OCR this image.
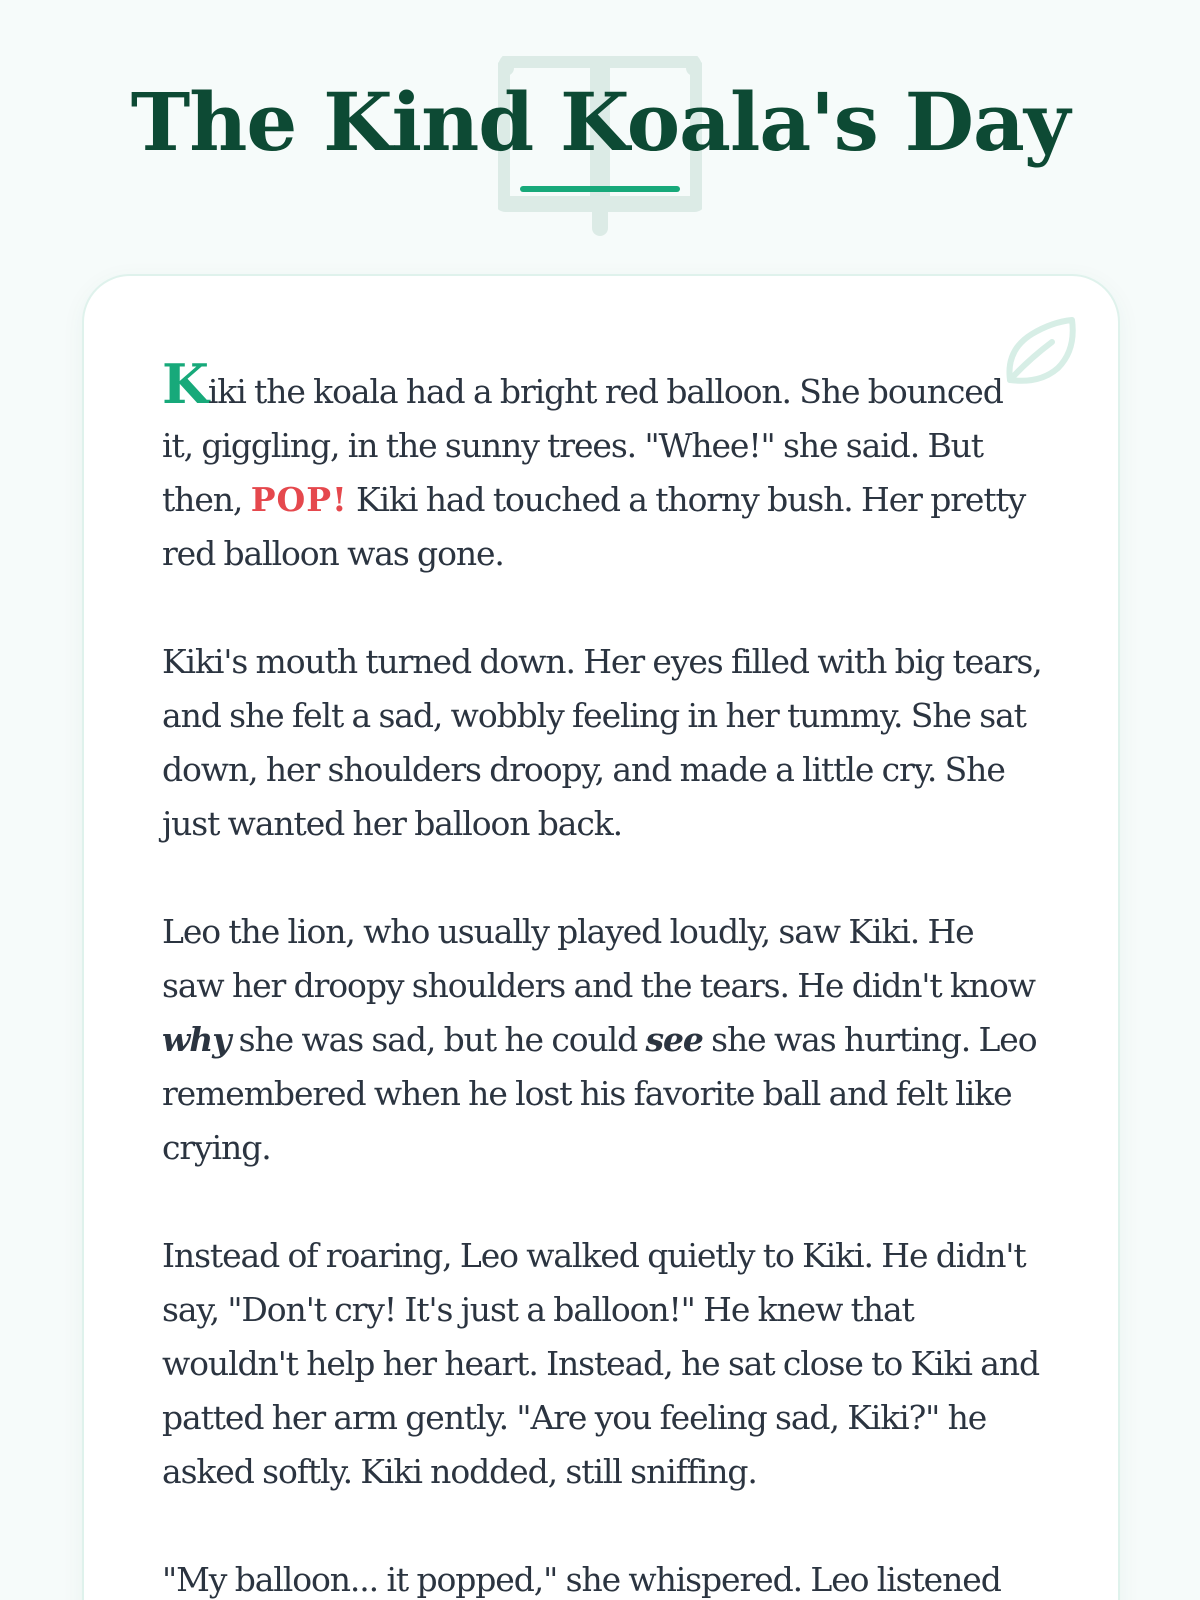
The Kind Koala's Day

Kiki the koala had a bright red balloon. She bounced it, giggling, in the sunny trees. "Whee!" she said. But then, POP! Kiki had touched a thorny bush. Her pretty red balloon was gone.

Kiki's mouth turned down. Her eyes filled with big tears, and she felt a sad, wobbly feeling in her tummy. She sat down, her shoulders droopy, and made a little cry. She just wanted her balloon back.

Leo the lion, who usually played loudly, saw Kiki. He saw her droopy shoulders and the tears. He didn't know why she was sad, but he could see she was hurting. Leo remembered when he lost his favorite ball and felt like crying.

Instead of roaring, Leo walked quietly to Kiki. He didn't say, "Don't cry! It's just a balloon!" He knew that wouldn't help her heart. Instead, he sat close to Kiki and patted her arm gently. "Are you feeling sad, Kiki?" he asked softly. Kiki nodded, still sniffing.

"My balloon... it popped," she whispered. Leo listened
